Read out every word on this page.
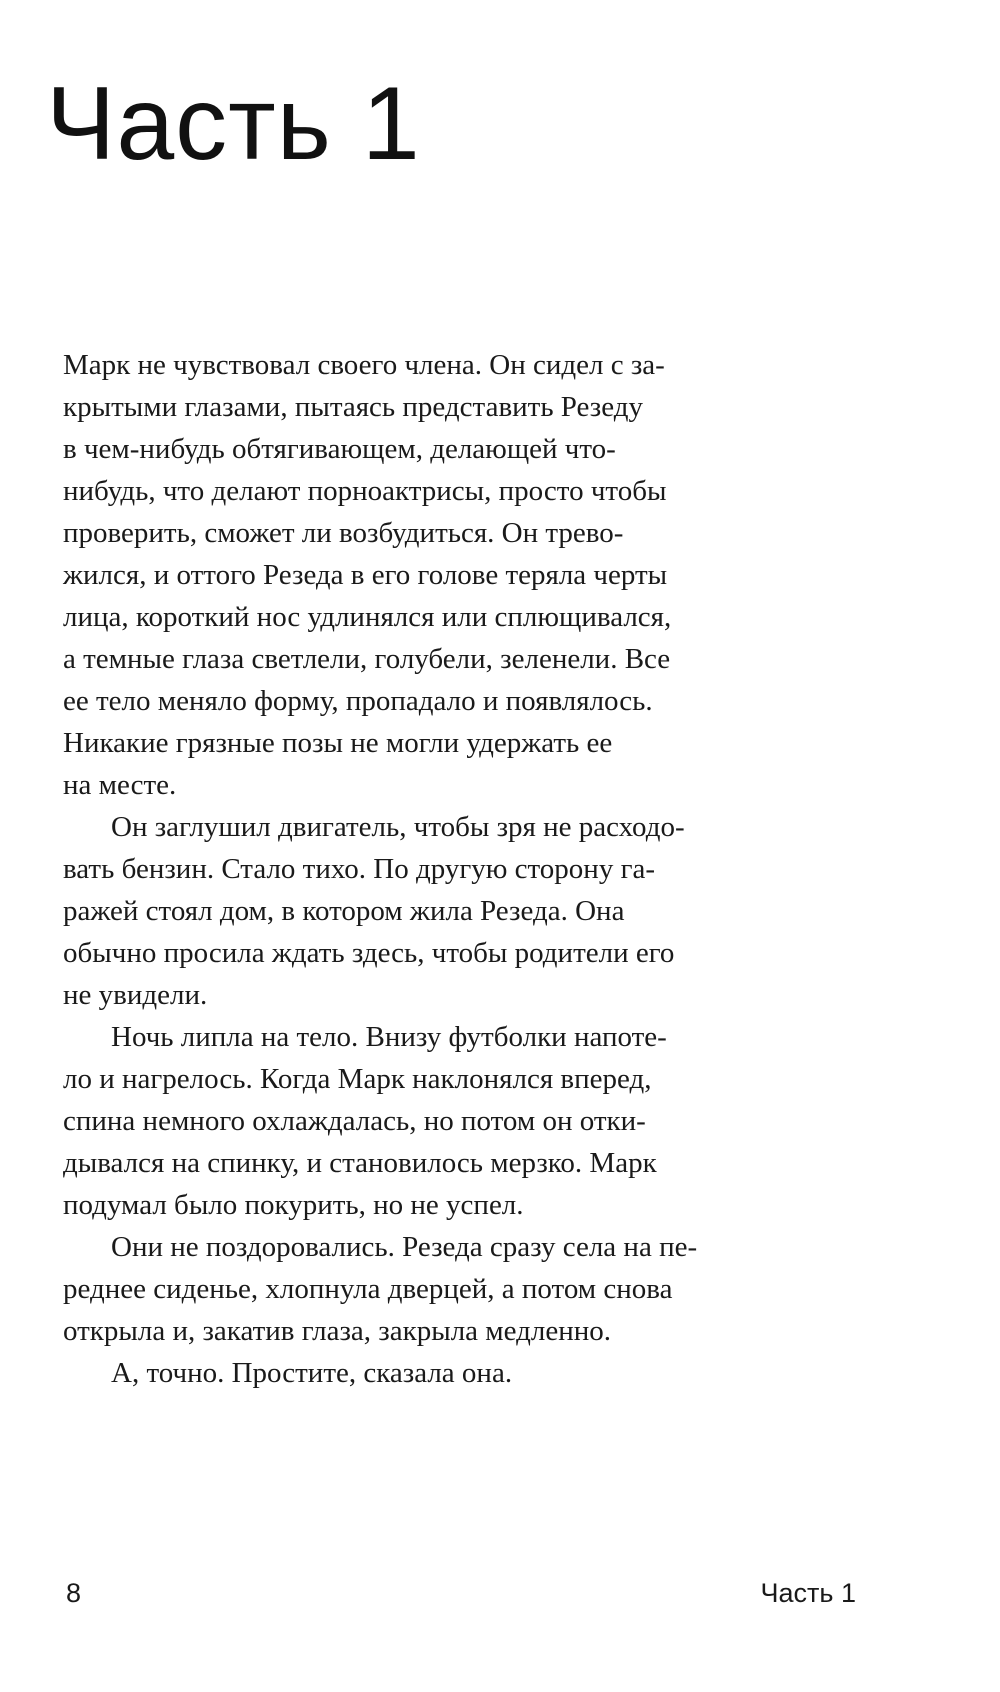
Часть 1
Марк не чувствовал своего члена. Он сидел с за-
крытыми глазами, пытаясь представить Резеду
в чем-нибудь обтягивающем, делающей что-
нибудь, что делают порноактрисы, просто чтобы
проверить, сможет ли возбудиться. Он трево-
жился, и оттого Резеда в его голове теряла черты
лица, короткий нос удлинялся или сплющивался,
а темные глаза светлели, голубели, зеленели. Все
ее тело меняло форму, пропадало и появлялось.
Никакие грязные позы не могли удержать ее
на месте.
Он заглушил двигатель, чтобы зря не расходо-
вать бензин. Стало тихо. По другую сторону га-
ражей стоял дом, в котором жила Резеда. Она
обычно просила ждать здесь, чтобы родители его
не увидели.
Ночь липла на тело. Внизу футболки напоте-
ло и нагрелось. Когда Марк наклонялся вперед,
спина немного охлаждалась, но потом он отки-
дывался на спинку, и становилось мерзко. Марк
подумал было покурить, но не успел.
Они не поздоровались. Резеда сразу села на пе-
реднее сиденье, хлопнула дверцей, а потом снова
открыла и, закатив глаза, закрыла медленно.
А, точно. Простите, сказала она.
8	Часть 1
